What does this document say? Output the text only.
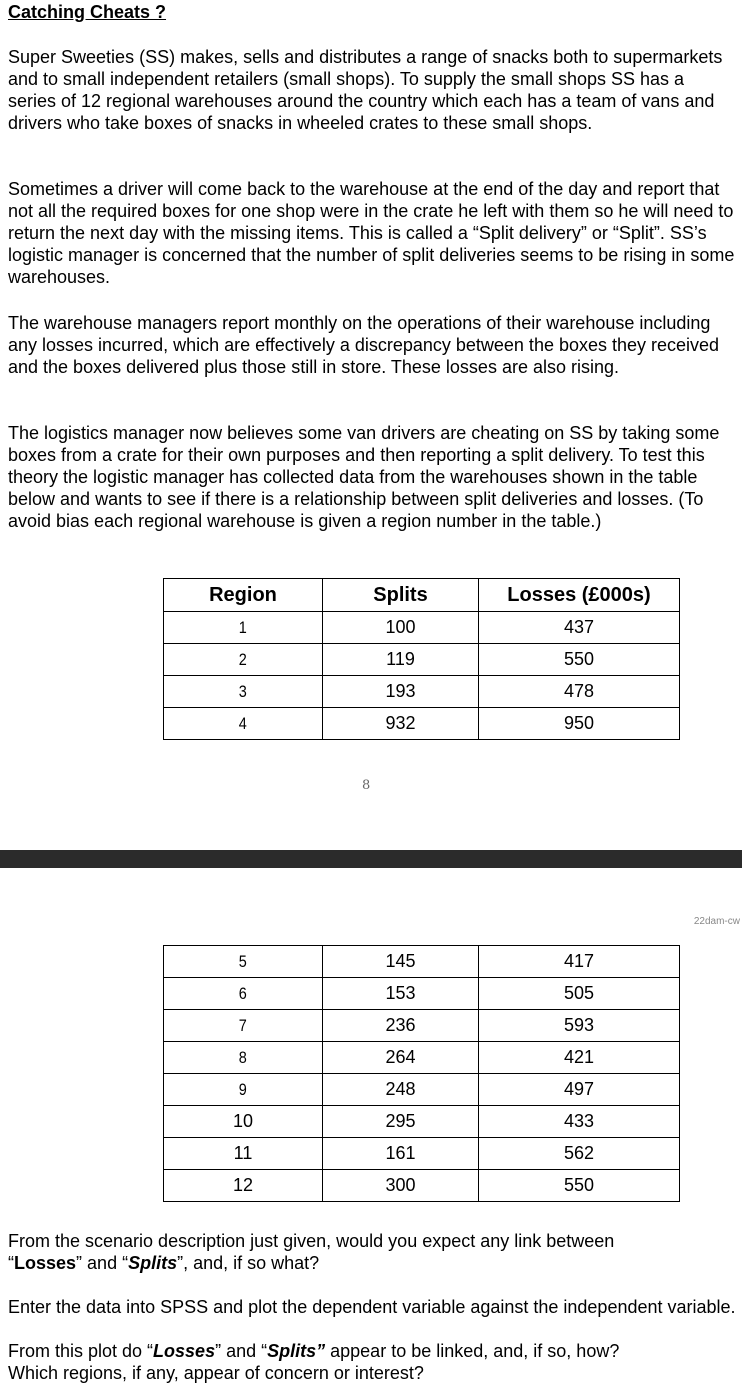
Catching Cheats ?

Super Sweeties (SS) makes, sells and distributes a range of snacks both to supermarkets and to small independent retailers (small shops). To supply the small shops SS has a series of 12 regional warehouses around the country which each has a team of vans and drivers who take boxes of snacks in wheeled crates to these small shops.

Sometimes a driver will come back to the warehouse at the end of the day and report that not all the required boxes for one shop were in the crate he left with them so he will need to return the next day with the missing items. This is called a “Split delivery” or “Split”. SS’s logistic manager is concerned that the number of split deliveries seems to be rising in some warehouses.

The warehouse managers report monthly on the operations of their warehouse including any losses incurred, which are effectively a discrepancy between the boxes they received and the boxes delivered plus those still in store. These losses are also rising.

The logistics manager now believes some van drivers are cheating on SS by taking some boxes from a crate for their own purposes and then reporting a split delivery. To test this theory the logistic manager has collected data from the warehouses shown in the table below and wants to see if there is a relationship between split deliveries and losses. (To avoid bias each regional warehouse is given a region number in the table.)

Region	Splits	Losses (£000s)
1	100	437
2	119	550
3	193	478
4	932	950
8
22dam-cw
5	145	417
6	153	505
7	236	593
8	264	421
9	248	497
10	295	433
11	161	562
12	300	550

From the scenario description just given, would you expect any link between
“Losses” and “Splits”, and, if so what?

Enter the data into SPSS and plot the dependent variable against the independent variable.

From this plot do “Losses” and “Splits” appear to be linked, and, if so, how?
Which regions, if any, appear of concern or interest?
